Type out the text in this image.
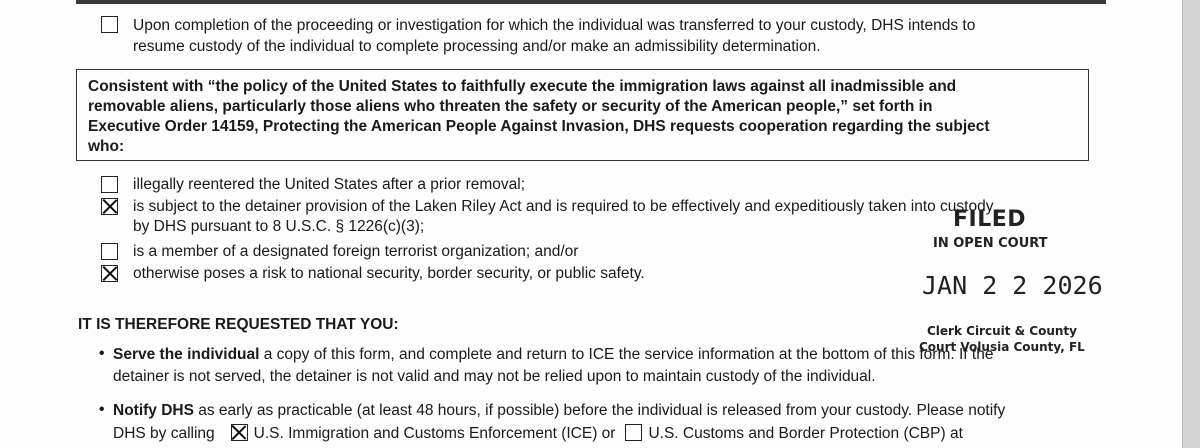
Upon completion of the proceeding or investigation for which the individual was transferred to your custody, DHS intends to
resume custody of the individual to complete processing and/or make an admissibility determination.
Consistent with “the policy of the United States to faithfully execute the immigration laws against all inadmissible and
removable aliens, particularly those aliens who threaten the safety or security of the American people,” set forth in
Executive Order 14159, Protecting the American People Against Invasion, DHS requests cooperation regarding the subject
who:
illegally reentered the United States after a prior removal;
is subject to the detainer provision of the Laken Riley Act and is required to be effectively and expeditiously taken into custody
by DHS pursuant to 8 U.S.C. § 1226(c)(3);
is a member of a designated foreign terrorist organization; and/or
otherwise poses a risk to national security, border security, or public safety.
FILED
IN OPEN COURT
JAN 2 2 2026
Clerk Circuit & County
Court Volusia County, FL
IT IS THEREFORE REQUESTED THAT YOU:
• Serve the individual a copy of this form, and complete and return to ICE the service information at the bottom of this form. If the
detainer is not served, the detainer is not valid and may not be relied upon to maintain custody of the individual.
• Notify DHS as early as practicable (at least 48 hours, if possible) before the individual is released from your custody. Please notify
DHS by calling	U.S. Immigration and Customs Enforcement (ICE) or U.S. Customs and Border Protection (CBP) at
